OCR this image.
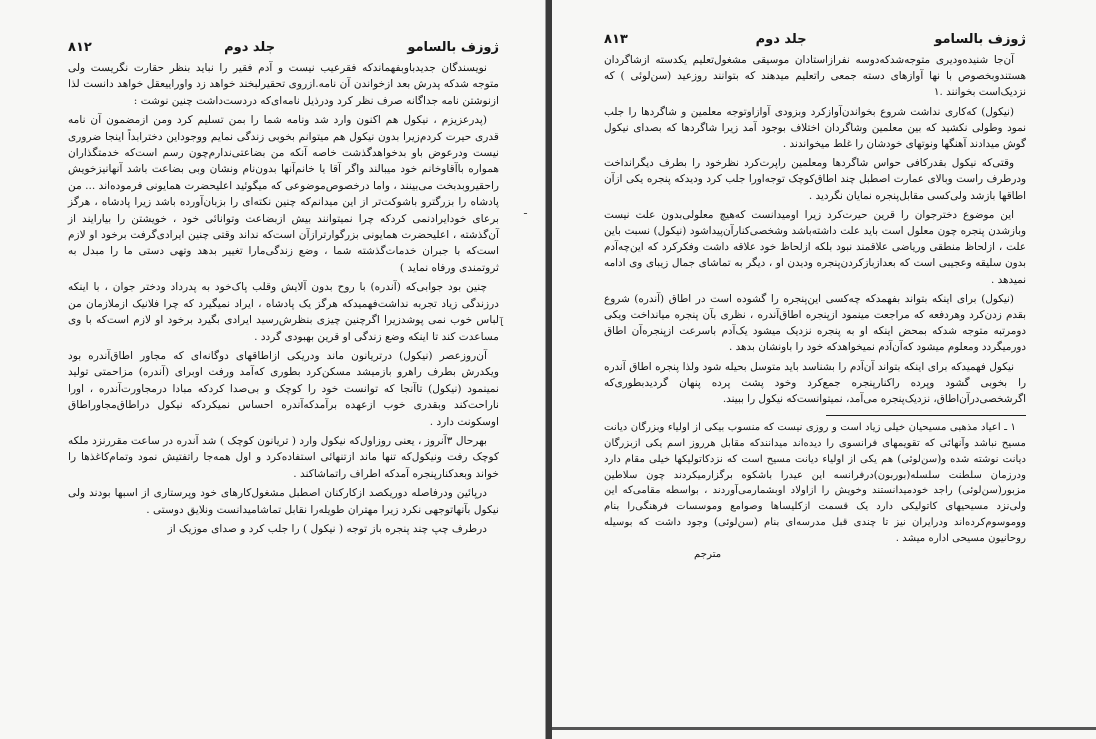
ژوزف بالسامو
جلد دوم
۸۱۲

نویسندگان جدیدباوبفهماندکه فقرعیب نیست و آدم فقیر را نباید بنظر حقارت نگریست ولی متوجه شدکه پدرش بعد ازخواندن آن نامه.ازروی تحقیرلبخند خواهد زد واوراییعقل خواهد دانست لذا ازنوشتن نامه جداگانه صرف نظر کرد ودرذیل نامه‌ای‌که دردست‌داشت چنین نوشت :

(پدرعزیزم ، نیکول هم اکنون وارد شد ونامه شما را بمن تسلیم کرد ومن ازمضمون آن نامه قدری حیرت کردم‌زیرا بدون نیکول هم میتوانم بخوبی زندگی نمایم ووجوداین دخترابداً اینجا ضروری نیست ودرعوض باو بدخواهدگذشت خاصه آنکه من بضاعتی‌ندارم‌چون رسم است‌که خدمتگذاران همواره باآقاوخانم خود میبالند واگر آقا یا خانم‌آنها بدون‌نام ونشان وبی بضاعت باشد آنهانیزخویش راحقیروبدبخت می‌بینند ، واما درخصوص‌موضوعی که میگوئید اعلیحضرت همایونی فرموده‌اند ... من پادشاه را بزرگترو باشوکت‌تر از این میدانم‌که چنین نکته‌ای را بزبان‌آورده باشد زیرا پادشاه ، هرگز برعای خودایرادنمی کردکه چرا نمیتوانند بیش ازبضاعت وتوانائی خود ، خویشتن را بیارایند از آن‌گذشته ، اعلیحضرت همایونی بزرگوارتر‌ازآن است‌که نداند وقتی چنین ایرادی‌گرفت برخود او لازم است‌که با جبران خدمات‌گذشته شما ، وضع زندگی‌مارا تغییر بدهد وتهی دستی ما را مبدل به ثروتمندی ورفاه نماید )

چنین بود جوابی‌که (آندره) با روح بدون آلایش وقلب پاک‌خود به پدرداد ودختر جوان ، با اینکه درزندگی زیاد تجربه نداشت‌فهمیدکه هرگز یک پادشاه ، ایراد نمیگیرد که چرا فلانیک ازملازمان من لباس خوب نمی پوشدزیرا اگرچنین چیزی بنظرش‌رسید ایرادی بگیرد برخود او لازم است‌که با وی مساعدت کند تا اینکه وضع زندگی او قرین بهبودی گردد .

آن‌روزعصر (نیکول) درتریانون ماند ودریکی ازاطاقهای دوگانه‌ای که مجاور اطاق‌آندره بود ویکدرش بطرف راهرو بازمیشد مسکن‌کرد بطوری که‌آمد ورفت اوبرای (آندره) مزاحمتی تولید نمینمود (نیکول) تاآنجا که توانست خود را کوچک و بی‌صدا کردکه مبادا درمجاورت‌آندره ، اورا ناراحت‌کند وبقدری خوب ازعهده برآمدکه‌آندره احساس نمیکردکه نیکول دراطاق‌مجاوراطاق اوسکونت دارد .

بهرحال ۳آنروز ، یعنی روزاول‌که نیکول وارد ( تریانون کوچک ) شد آندره در ساعت مقررنزد ملکه کوچک رفت ونیکول‌که تنها ماند ازتنهائی استفاده‌کرد و اول همه‌جا راتفتیش نمود وتمام‌کاغذها را خواند وبعدکنارپنجره آمدکه اطراف راتماشاکند .

درپائین ودرفاصله دوریکصد ازکارکنان اصطبل مشغول‌کارهای خود وپرستاری از اسبها بودند ولی نیکول بآنهاتوجهی نکرد زیرا مهتران طویله‌را نقابل تماشامیدانست ونلایق دوستی .

درطرف چپ چند پنجره باز توجه ( نیکول ) را جلب کرد و صدای موزیک از

ـ
ﺂ
ژوزف بالسامو
جلد دوم
۸۱۳

آن‌جا شنیده‌ودیری متوجه‌شدکه‌دوسه نفرازاستادان موسیقی مشغول‌تعلیم یکدسته ازشاگردان هستندوبخصوص با نها آوازهای دسته جمعی راتعلیم میدهند که بتوانند روزعید (سن‌لوئی ) که نزدیک‌است بخوانند .۱

(نیکول) که‌کاری نداشت شروع بخواندن‌آوازکرد وبزودی آوازاوتوجه معلمین و شاگردها را جلب نمود وطولی نکشید که بین معلمین وشاگردان اختلاف بوجود آمد زیرا شاگردها که بصدای نیکول گوش میدادند آهنگها ونوتهای خودشان را غلط میخواندند .

وقتی‌که نیکول بقدرکافی حواس شاگردها ومعلمین راپرت‌کرد نظرخود را بطرف دیگرانداخت ودرطرف راست وبالای عمارت اصطبل چند اطاق‌کوچک توجه‌اورا جلب کرد ودیدکه پنجره یکی ازآن اطاقها بازشد ولی‌کسی مقابل‌پنجره نمایان نگردید .

این موضوع دخترجوان را قرین حیرت‌کرد زیرا اومیدانست که‌هیچ معلولی‌بدون علت نیست وبازشدن پنجره چون معلول است باید علت داشته‌باشد وشخصی‌کنارآن‌پیداشود (نیکول) نسبت باین علت ، ازلحاظ منطقی وریاضی علاقمند نبود بلکه ازلحاظ خود علاقه داشت وفکرکرد که این‌چه‌آدم بدون سلیقه وعجیبی است که بعدازبازکردن‌پنجره ودیدن او ، دیگر به تماشای جمال زیبای وی ادامه نمیدهد .

(نیکول) برای اینکه بتواند بفهمدکه چه‌کسی این‌پنجره را گشوده است در اطاق (آندره) شروع بقدم زدن‌کرد وهردفعه که مراجعت مینمود ازپنجره اطاق‌آندره ، نظری بآن پنجره میانداخت ویکی دومرتبه متوجه شدکه بمحض اینکه او به پنجره نزدیک میشود یک‌آدم باسرعت ازپنجره‌آن اطاق دورمیگردد ومعلوم میشود که‌آن‌آدم نمیخواهدکه خود را باونشان بدهد .

نیکول فهمیدکه برای اینکه بتواند آن‌آدم را بشناسد باید متوسل بحیله شود ولذا پنجره اطاق آندره را بخوبی گشود وپرده راکنارپنجره جمع‌کرد وخود پشت پرده پنهان گردیدبطوری‌که اگرشخصی‌درآن‌اطاق، نزدیک‌پنجره می‌آمد، نمیتوانست‌که نیکول را ببیند.

۱ ـ اعیاد مذهبی مسیحیان خیلی زیاد است و روزی نیست که منسوب بیکی از اولیاء وبزرگان دیانت مسیح نباشد وآنهائی که تقویمهای فرانسوی را دیده‌اند میدانندکه مقابل هرروز اسم یکی ازبزرگان دیانت نوشته شده و(سن‌لوئی) هم یکی از اولیاء دیانت مسیح است که نزدکاتولیکها خیلی مقام دارد ودرزمان سلطنت سلسله(بوربون)درفرانسه این عیدرا باشکوه برگزارمیکردند چون سلاطین مزبور(سن‌لوئی) راجد خودمیدانستند وخویش را ازاولاد اوبشمارمی‌آوردند ، بواسطه مقامی‌که این ولی‌نزد مسیحیهای کاتولیکی دارد یک قسمت ازکلیساها وصوامع وموسسات فرهنگی‌را بنام ووموسوم‌کرده‌اند ودرایران نیز تا چندی قبل مدرسه‌ای بنام (سن‌لوئی) وجود داشت که بوسیله روحانیون مسیحی اداره میشد .

مترجم
